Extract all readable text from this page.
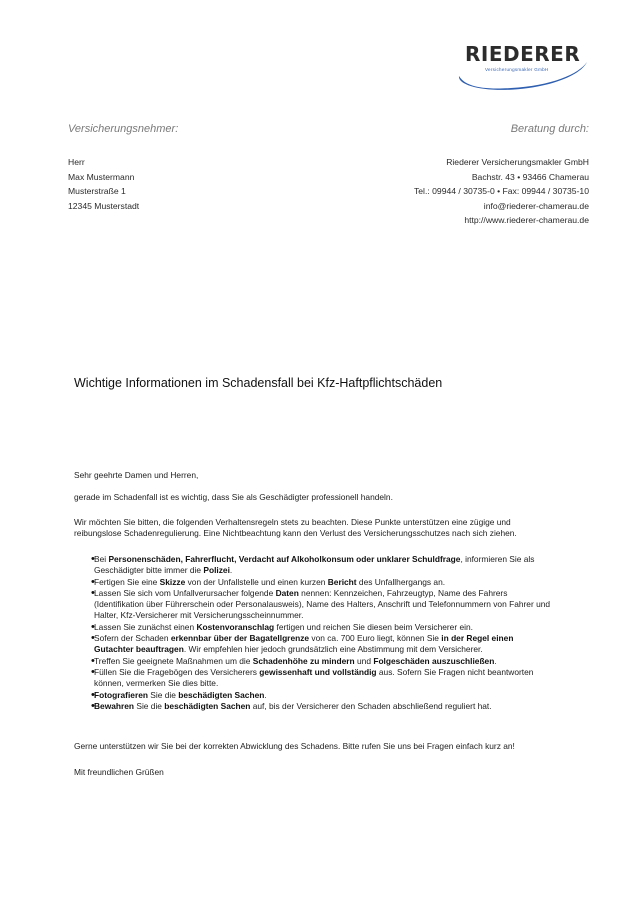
RIEDERER
Versicherungsmakler GmbH
Versicherungsnehmer:	Beratung durch:
Herr
Max Mustermann
Musterstraße 1
12345 Musterstadt
Riederer Versicherungsmakler GmbH
Bachstr. 43 • 93466 Chamerau
Tel.: 09944 / 30735-0 • Fax: 09944 / 30735-10
info@riederer-chamerau.de
http://www.riederer-chamerau.de
Wichtige Informationen im Schadensfall bei Kfz-Haftpflichtschäden
Sehr geehrte Damen und Herren,
gerade im Schadenfall ist es wichtig, dass Sie als Geschädigter professionell handeln.
Wir möchten Sie bitten, die folgenden Verhaltensregeln stets zu beachten. Diese Punkte unterstützen eine zügige und reibungslose Schadenregulierung. Eine Nichtbeachtung kann den Verlust des Versicherungsschutzes nach sich ziehen.
• Bei Personenschäden, Fahrerflucht, Verdacht auf Alkoholkonsum oder unklarer Schuldfrage, informieren Sie als Geschädigter bitte immer die Polizei.
• Fertigen Sie eine Skizze von der Unfallstelle und einen kurzen Bericht des Unfallhergangs an.
• Lassen Sie sich vom Unfallverursacher folgende Daten nennen: Kennzeichen, Fahrzeugtyp, Name des Fahrers (Identifikation über Führerschein oder Personalausweis), Name des Halters, Anschrift und Telefonnummern von Fahrer und Halter, Kfz-Versicherer mit Versicherungsscheinnummer.
• Lassen Sie zunächst einen Kostenvoranschlag fertigen und reichen Sie diesen beim Versicherer ein.
• Sofern der Schaden erkennbar über der Bagatellgrenze von ca. 700 Euro liegt, können Sie in der Regel einen Gutachter beauftragen. Wir empfehlen hier jedoch grundsätzlich eine Abstimmung mit dem Versicherer.
• Treffen Sie geeignete Maßnahmen um die Schadenhöhe zu mindern und Folgeschäden auszuschließen.
• Füllen Sie die Fragebögen des Versicherers gewissenhaft und vollständig aus. Sofern Sie Fragen nicht beantworten können, vermerken Sie dies bitte.
• Fotografieren Sie die beschädigten Sachen.
• Bewahren Sie die beschädigten Sachen auf, bis der Versicherer den Schaden abschließend reguliert hat.
Gerne unterstützen wir Sie bei der korrekten Abwicklung des Schadens. Bitte rufen Sie uns bei Fragen einfach kurz an!
Mit freundlichen Grüßen
